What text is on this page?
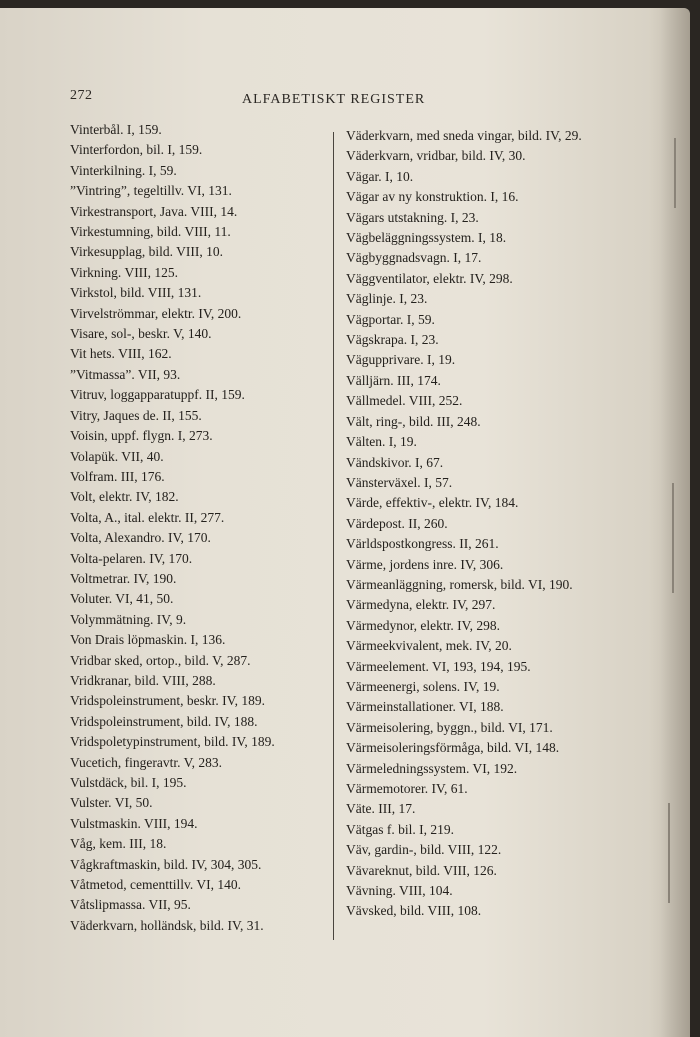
272	ALFABETISKT REGISTER
Vinterbål. I, 159.
Vinterfordon, bil. I, 159.
Vinterkilning. I, 59.
”Vintring”, tegeltillv. VI, 131.
Virkestransport, Java. VIII, 14.
Virkestumning, bild. VIII, 11.
Virkesupplag, bild. VIII, 10.
Virkning. VIII, 125.
Virkstol, bild. VIII, 131.
Virvelströmmar, elektr. IV, 200.
Visare, sol-, beskr. V, 140.
Vit hets. VIII, 162.
”Vitmassa”. VII, 93.
Vitruv, loggapparatuppf. II, 159.
Vitry, Jaques de. II, 155.
Voisin, uppf. flygn. I, 273.
Volapük. VII, 40.
Volfram. III, 176.
Volt, elektr. IV, 182.
Volta, A., ital. elektr. II, 277.
Volta, Alexandro. IV, 170.
Volta-pelaren. IV, 170.
Voltmetrar. IV, 190.
Voluter. VI, 41, 50.
Volymmätning. IV, 9.
Von Drais löpmaskin. I, 136.
Vridbar sked, ortop., bild. V, 287.
Vridkranar, bild. VIII, 288.
Vridspoleinstrument, beskr. IV, 189.
Vridspoleinstrument, bild. IV, 188.
Vridspoletypinstrument, bild. IV, 189.
Vucetich, fingeravtr. V, 283.
Vulstdäck, bil. I, 195.
Vulster. VI, 50.
Vulstmaskin. VIII, 194.
Våg, kem. III, 18.
Vågkraftmaskin, bild. IV, 304, 305.
Våtmetod, cementtillv. VI, 140.
Våtslipmassa. VII, 95.
Väderkvarn, holländsk, bild. IV, 31.
Väderkvarn, med sneda vingar, bild. IV, 29.
Väderkvarn, vridbar, bild. IV, 30.
Vägar. I, 10.
Vägar av ny konstruktion. I, 16.
Vägars utstakning. I, 23.
Vägbeläggningssystem. I, 18.
Vägbyggnadsvagn. I, 17.
Väggventilator, elektr. IV, 298.
Väglinje. I, 23.
Vägportar. I, 59.
Vägskrapa. I, 23.
Vägupprivare. I, 19.
Välljärn. III, 174.
Vällmedel. VIII, 252.
Vält, ring-, bild. III, 248.
Välten. I, 19.
Vändskivor. I, 67.
Vänsterväxel. I, 57.
Värde, effektiv-, elektr. IV, 184.
Värdepost. II, 260.
Världspostkongress. II, 261.
Värme, jordens inre. IV, 306.
Värmeanläggning, romersk, bild. VI, 190.
Värmedyna, elektr. IV, 297.
Värmedynor, elektr. IV, 298.
Värmeekvivalent, mek. IV, 20.
Värmeelement. VI, 193, 194, 195.
Värmeenergi, solens. IV, 19.
Värmeinstallationer. VI, 188.
Värmeisolering, byggn., bild. VI, 171.
Värmeisoleringsförmåga, bild. VI, 148.
Värmeledningssystem. VI, 192.
Värmemotorer. IV, 61.
Väte. III, 17.
Vätgas f. bil. I, 219.
Väv, gardin-, bild. VIII, 122.
Vävareknut, bild. VIII, 126.
Vävning. VIII, 104.
Vävsked, bild. VIII, 108.
